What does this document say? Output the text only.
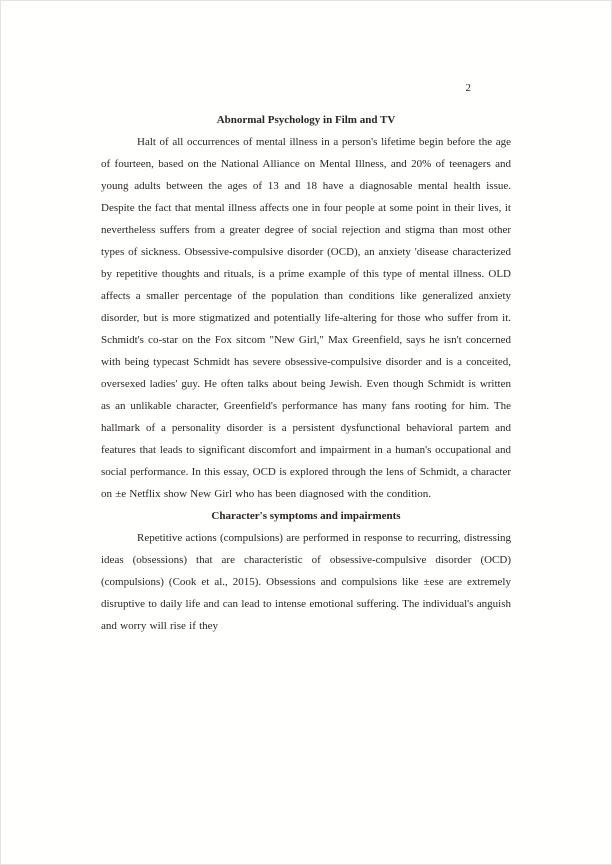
2
Abnormal Psychology in Film and TV

Halt of all occurrences of mental illness in a person's lifetime begin before the age of fourteen, based on the National Alliance on Mental Illness, and 20% of teenagers and young adults between the ages of 13 and 18 have a diagnosable mental health issue. Despite the fact that mental illness affects one in four people at some point in their lives, it nevertheless suffers from a greater degree of social rejection and stigma than most other types of sickness. Obsessive-compulsive disorder (OCD), an anxiety 'disease characterized by repetitive thoughts and rituals, is a prime example of this type of mental illness. OLD affects a smaller percentage of the population than conditions like generalized anxiety disorder, but is more stigmatized and potentially life-altering for those who suffer from it. Schmidt's co-star on the Fox sitcom "New Girl," Max Greenfield, says he isn't concerned with being typecast Schmidt has severe obsessive-compulsive disorder and is a conceited, oversexed ladies' guy. He often talks about being Jewish. Even though Schmidt is written as an unlikable character, Greenfield's performance has many fans rooting for him. The hallmark of a personality disorder is a persistent dysfunctional behavioral partem and features that leads to significant discomfort and impairment in a human's occupational and social performance. In this essay, OCD is explored through the lens of Schmidt, a character on ±e Netflix show New Girl who has been diagnosed with the condition.

Character's symptoms and impairments

Repetitive actions (compulsions) are performed in response to recurring, distressing ideas (obsessions) that are characteristic of obsessive-compulsive disorder (OCD) (compulsions) (Cook et al., 2015). Obsessions and compulsions like ±ese are extremely disruptive to daily life and can lead to intense emotional suffering. The individual's anguish and worry will rise if they
